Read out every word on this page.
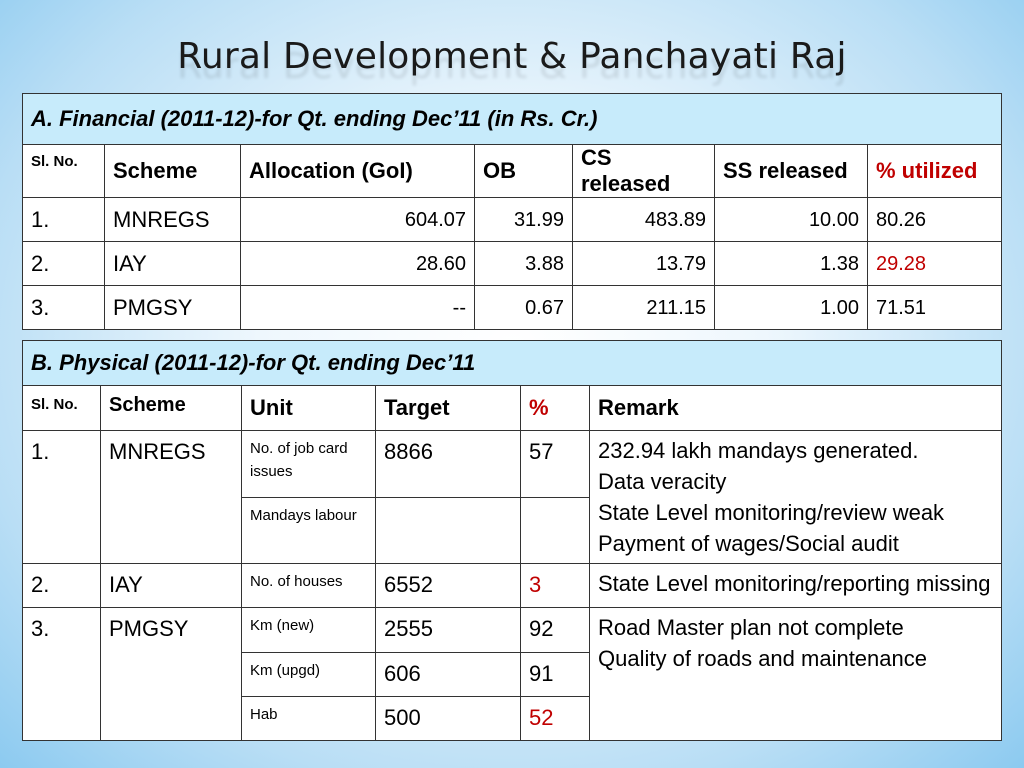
Rural Development & Panchayati Raj
A. Financial (2011-12)-for Qt. ending Dec’11 (in Rs. Cr.)						
Sl. No.	Scheme	Allocation (GoI)	OB	CS released	SS released	% utilized
1.	MNREGS	604.07	31.99	483.89	10.00	80.26
2.	IAY	28.60	3.88	13.79	1.38	29.28
3.	PMGSY	--	0.67	211.15	1.00	71.51
B. Physical (2011-12)-for Qt. ending Dec’11					
Sl. No.	Scheme	Unit	Target	%	Remark
1.	MNREGS	No. of job card issues	8866	57	232.94 lakh mandays generated.
Data veracity
State Level monitoring/review weak
Payment of wages/Social audit

		Mandays labour			
2.	IAY	No. of houses	6552	3	State Level monitoring/reporting missing
3.	PMGSY	Km (new)	2555	92	Road Master plan not complete
Quality of roads and maintenance

		Km (upgd)	606	91	
		Hab	500	52	
